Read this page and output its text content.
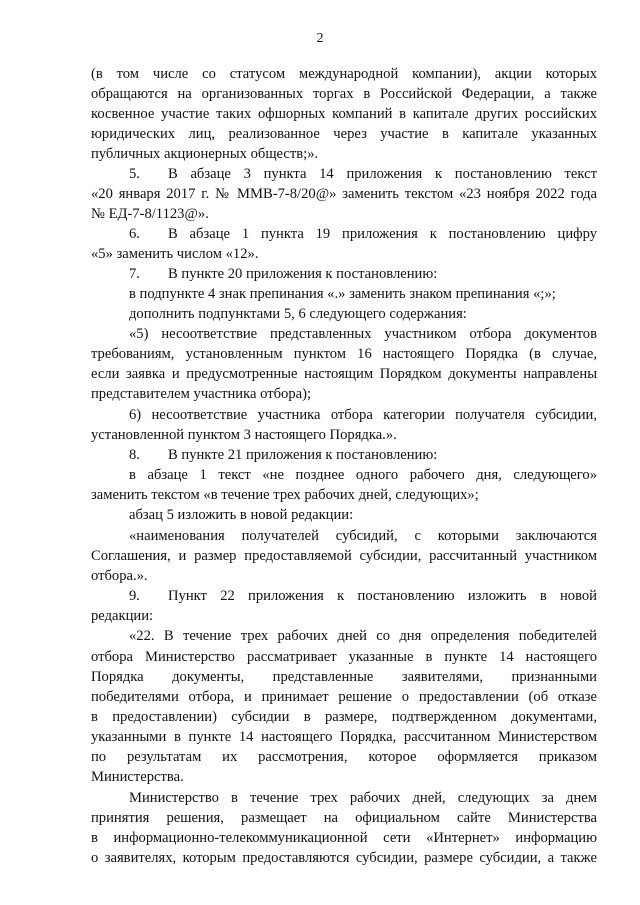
2
(в том числе со статусом международной компании), акции которых
обращаются на организованных торгах в Российской Федерации, а также
косвенное участие таких офшорных компаний в капитале других российских
юридических лиц, реализованное через участие в капитале указанных
публичных акционерных обществ;».
5.	В абзаце 3 пункта 14 приложения к постановлению текст
«20 января 2017 г. № ММВ-7-8/20@» заменить текстом «23 ноября 2022 года
№ ЕД-7-8/1123@».
6.	В абзаце 1 пункта 19 приложения к постановлению цифру
«5» заменить числом «12».
7.	В пункте 20 приложения к постановлению:
в подпункте 4 знак препинания «.» заменить знаком препинания «;»;
дополнить подпунктами 5, 6 следующего содержания:
«5) несоответствие представленных участником отбора документов
требованиям, установленным пунктом 16 настоящего Порядка (в случае,
если заявка и предусмотренные настоящим Порядком документы направлены
представителем участника отбора);
6) несоответствие участника отбора категории получателя субсидии,
установленной пунктом 3 настоящего Порядка.».
8.	В пункте 21 приложения к постановлению:
в абзаце 1 текст «не позднее одного рабочего дня, следующего»
заменить текстом «в течение трех рабочих дней, следующих»;
абзац 5 изложить в новой редакции:
«наименования получателей субсидий, с которыми заключаются
Соглашения, и размер предоставляемой субсидии, рассчитанный участником
отбора.».
9.	Пункт 22 приложения к постановлению изложить в новой
редакции:
«22. В течение трех рабочих дней со дня определения победителей
отбора Министерство рассматривает указанные в пункте 14 настоящего
Порядка документы, представленные заявителями, признанными
победителями отбора, и принимает решение о предоставлении (об отказе
в предоставлении) субсидии в размере, подтвержденном документами,
указанными в пункте 14 настоящего Порядка, рассчитанном Министерством
по результатам их рассмотрения, которое оформляется приказом
Министерства.
Министерство в течение трех рабочих дней, следующих за днем
принятия решения, размещает на официальном сайте Министерства
в информационно-телекоммуникационной сети «Интернет» информацию
о заявителях, которым предоставляются субсидии, размере субсидии, а также
